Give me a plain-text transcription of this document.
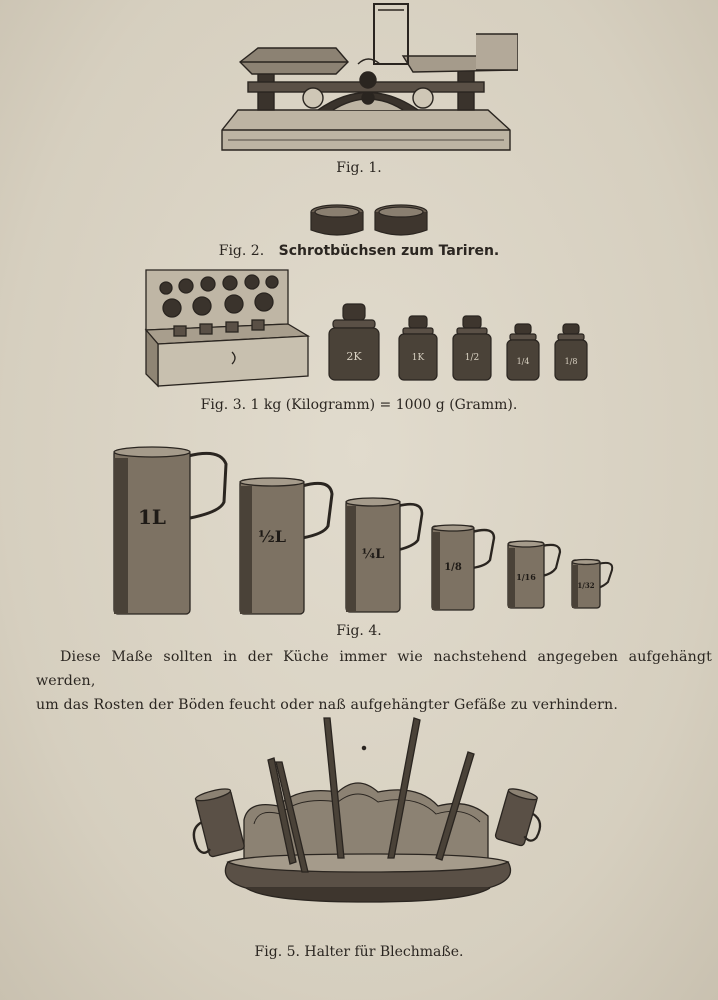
Fig. 1.
Fig. 2. Schrotbüchsen zum Tariren.
2K	1K	1/2	1/4	1/8
Fig. 3. 1 kg (Kilogramm) = 1000 g (Gramm).
1L
½L
¼L
1/8
1/16
1/32
Fig. 4.

Diese Maße sollten in der Küche immer wie nachstehend angegeben aufgehängt werden,

um das Rosten der Böden feucht oder naß aufgehängter Gefäße zu verhindern.

Fig. 5. Halter für Blechmaße.
